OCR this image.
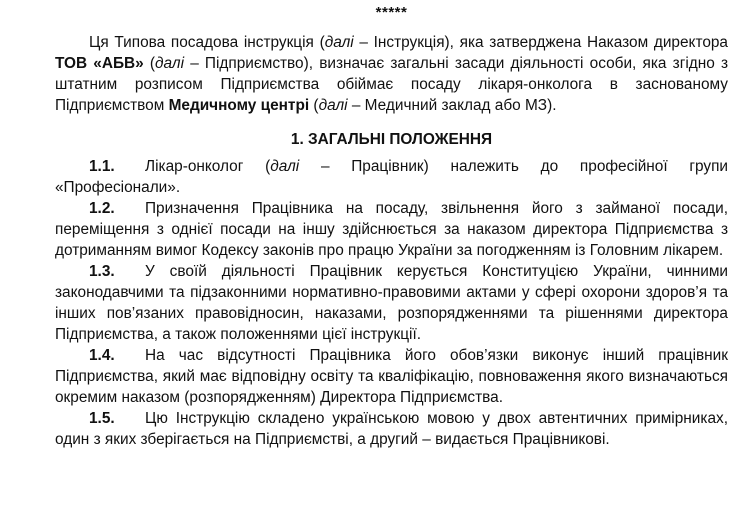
*****

Ця Типова посадова інструкція (далі – Інструкція), яка затверджена Наказом директора ТОВ «АБВ» (далі – Підприємство), визначає загальні засади діяльності особи, яка згідно з штатним розписом Підприємства обіймає посаду лікаря-онколога в заснованому Підприємством Медичному центрі (далі – Медичний заклад або МЗ).

1. ЗАГАЛЬНІ ПОЛОЖЕННЯ

1.1. Лікар-онколог (далі – Працівник) належить до професійної групи «Професіонали».

1.2. Призначення Працівника на посаду, звільнення його з займаної посади, переміщення з однієї посади на іншу здійснюється за наказом директора Підприємства з дотриманням вимог Кодексу законів про працю України за погодженням із Головним лікарем.

1.3. У своїй діяльності Працівник керується Конституцією України, чинними законодавчими та підзаконними нормативно-правовими актами у сфері охорони здоров’я та інших пов’язаних правовідносин, наказами, розпорядженнями та рішеннями директора Підприємства, а також положеннями цієї інструкції.

1.4. На час відсутності Працівника його обов’язки виконує інший працівник Підприємства, який має відповідну освіту та кваліфікацію, повноваження якого визначаються окремим наказом (розпорядженням) Директора Підприємства.

1.5. Цю Інструкцію складено українською мовою у двох автентичних примірниках, один з яких зберігається на Підприємстві, а другий – видається Працівникові.
